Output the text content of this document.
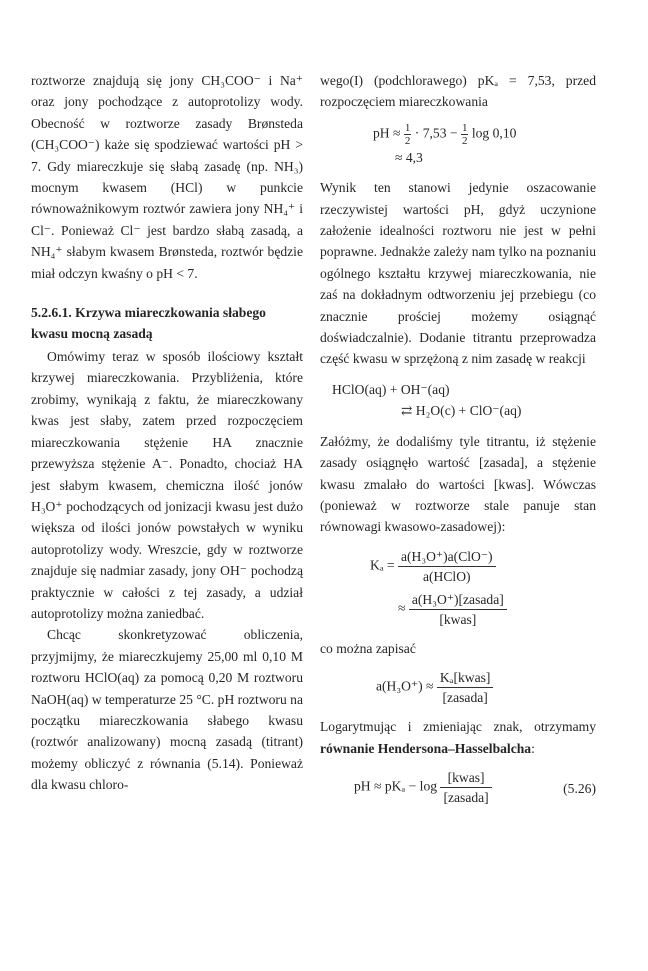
roztworze znajdują się jony CH₃COO⁻ i Na⁺ oraz jony pochodzące z autoprotolizy wody. Obecność w roztworze zasady Brønsteda (CH₃COO⁻) każe się spodziewać wartości pH > 7. Gdy miareczkuje się słabą zasadę (np. NH₃) mocnym kwasem (HCl) w punkcie równoważnikowym roztwór zawiera jony NH₄⁺ i Cl⁻. Ponieważ Cl⁻ jest bardzo słabą zasadą, a NH₄⁺ słabym kwasem Brønsteda, roztwór będzie miał odczyn kwaśny o pH < 7.

5.2.6.1. Krzywa miareczkowania słabego kwasu mocną zasadą

Omówimy teraz w sposób ilościowy kształt krzywej miareczkowania. Przybliżenia, które zrobimy, wynikają z faktu, że miareczkowany kwas jest słaby, zatem przed rozpoczęciem miareczkowania stężenie HA znacznie przewyższa stężenie A⁻. Ponadto, chociaż HA jest słabym kwasem, chemiczna ilość jonów H₃O⁺ pochodzących od jonizacji kwasu jest dużo większa od ilości jonów powstałych w wyniku autoprotolizy wody. Wreszcie, gdy w roztworze znajduje się nadmiar zasady, jony OH⁻ pochodzą praktycznie w całości z tej zasady, a udział autoprotolizy można zaniedbać.

Chcąc skonkretyzować obliczenia, przyjmijmy, że miareczkujemy 25,00 ml 0,10 M roztworu HClO(aq) za pomocą 0,20 M roztworu NaOH(aq) w temperaturze 25 °C. pH roztworu na początku miareczkowania słabego kwasu (roztwór analizowany) mocną zasadą (titrant) możemy obliczyć z równania (5.14). Ponieważ dla kwasu chloro-

wego(I) (podchlorawego) pKₐ = 7,53, przed rozpoczęciem miareczkowania

pH ≈ $\frac{1}{2} \cdot 7,53 - \frac{1}{2}$ log 0,10
≈ 4,3

Wynik ten stanowi jedynie oszacowanie rzeczywistej wartości pH, gdyż uczynione założenie idealności roztworu nie jest w pełni poprawne. Jednakże zależy nam tylko na poznaniu ogólnego kształtu krzywej miareczkowania, nie zaś na dokładnym odtworzeniu jej przebiegu (co znacznie prościej możemy osiągnąć doświadczalnie). Dodanie titrantu przeprowadza część kwasu w sprzężoną z nim zasadę w reakcji

HClO(aq) + OH⁻(aq)
⇄ H₂O(c) + ClO⁻(aq)

Załóżmy, że dodaliśmy tyle titrantu, iż stężenie zasady osiągnęło wartość [zasada], a stężenie kwasu zmalało do wartości [kwas]. Wówczas (ponieważ w roztworze stale panuje stan równowagi kwasowo-zasadowej):

$K_a = \frac{\text{a(H₃O⁺)a(ClO⁻)}}{\text{a(HClO)}}$
≈ $\frac{\text{a(H₃O⁺)[zasada]}}{\text{[kwas]}}$

co można zapisać

$a(H_3O^+) \approx \frac{\text{Kₐ[kwas]}}{\text{[zasada]}}$

Logarytmując i zmieniając znak, otrzymamy równanie Hendersona–Hasselbalcha:

pH ≈ $pK_a - \log \frac{\text{[kwas]}}{\text{[zasada]}}$	(5.26)
